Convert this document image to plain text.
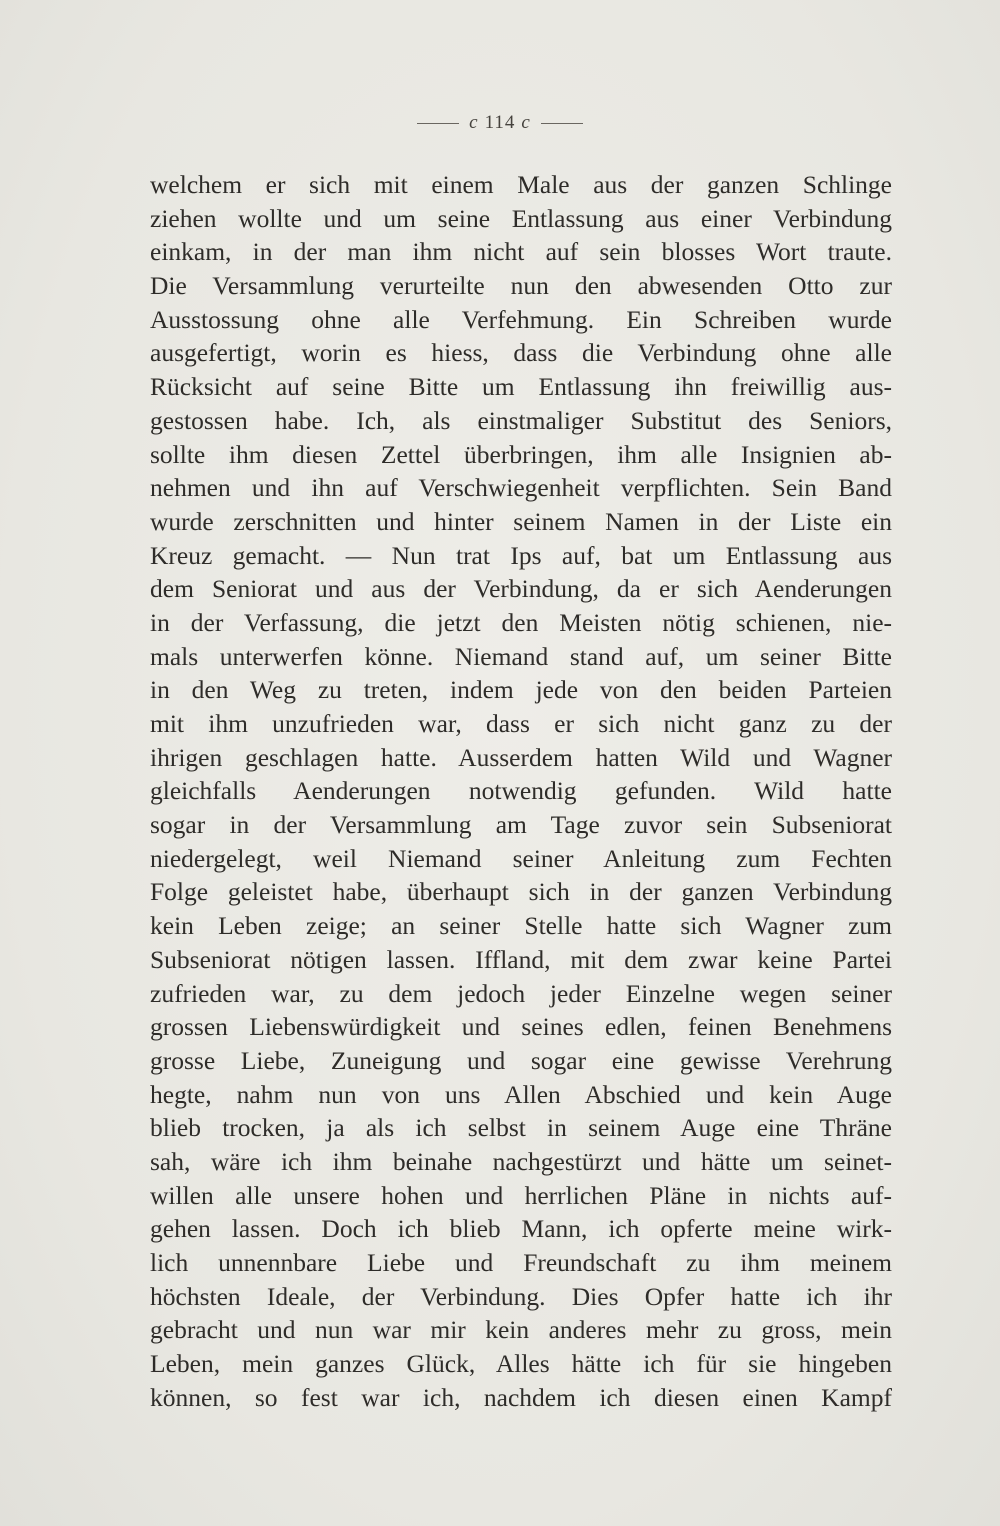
c 114 c
welchem er sich mit einem Male aus der ganzen Schlinge
ziehen wollte und um seine Entlassung aus einer Verbindung
einkam, in der man ihm nicht auf sein blosses Wort traute.
Die Versammlung verurteilte nun den abwesenden Otto zur
Ausstossung ohne alle Verfehmung. Ein Schreiben wurde
ausgefertigt, worin es hiess, dass die Verbindung ohne alle
Rücksicht auf seine Bitte um Entlassung ihn freiwillig aus-
gestossen habe. Ich, als einstmaliger Substitut des Seniors,
sollte ihm diesen Zettel überbringen, ihm alle Insignien ab-
nehmen und ihn auf Verschwiegenheit verpflichten. Sein Band
wurde zerschnitten und hinter seinem Namen in der Liste ein
Kreuz gemacht. — Nun trat Ips auf, bat um Entlassung aus
dem Seniorat und aus der Verbindung, da er sich Aenderungen
in der Verfassung, die jetzt den Meisten nötig schienen, nie-
mals unterwerfen könne. Niemand stand auf, um seiner Bitte
in den Weg zu treten, indem jede von den beiden Parteien
mit ihm unzufrieden war, dass er sich nicht ganz zu der
ihrigen geschlagen hatte. Ausserdem hatten Wild und Wagner
gleichfalls Aenderungen notwendig gefunden. Wild hatte
sogar in der Versammlung am Tage zuvor sein Subseniorat
niedergelegt, weil Niemand seiner Anleitung zum Fechten
Folge geleistet habe, überhaupt sich in der ganzen Verbindung
kein Leben zeige; an seiner Stelle hatte sich Wagner zum
Subseniorat nötigen lassen. Iffland, mit dem zwar keine Partei
zufrieden war, zu dem jedoch jeder Einzelne wegen seiner
grossen Liebenswürdigkeit und seines edlen, feinen Benehmens
grosse Liebe, Zuneigung und sogar eine gewisse Verehrung
hegte, nahm nun von uns Allen Abschied und kein Auge
blieb trocken, ja als ich selbst in seinem Auge eine Thräne
sah, wäre ich ihm beinahe nachgestürzt und hätte um seinet-
willen alle unsere hohen und herrlichen Pläne in nichts auf-
gehen lassen. Doch ich blieb Mann, ich opferte meine wirk-
lich unnennbare Liebe und Freundschaft zu ihm meinem
höchsten Ideale, der Verbindung. Dies Opfer hatte ich ihr
gebracht und nun war mir kein anderes mehr zu gross, mein
Leben, mein ganzes Glück, Alles hätte ich für sie hingeben
können, so fest war ich, nachdem ich diesen einen Kampf
